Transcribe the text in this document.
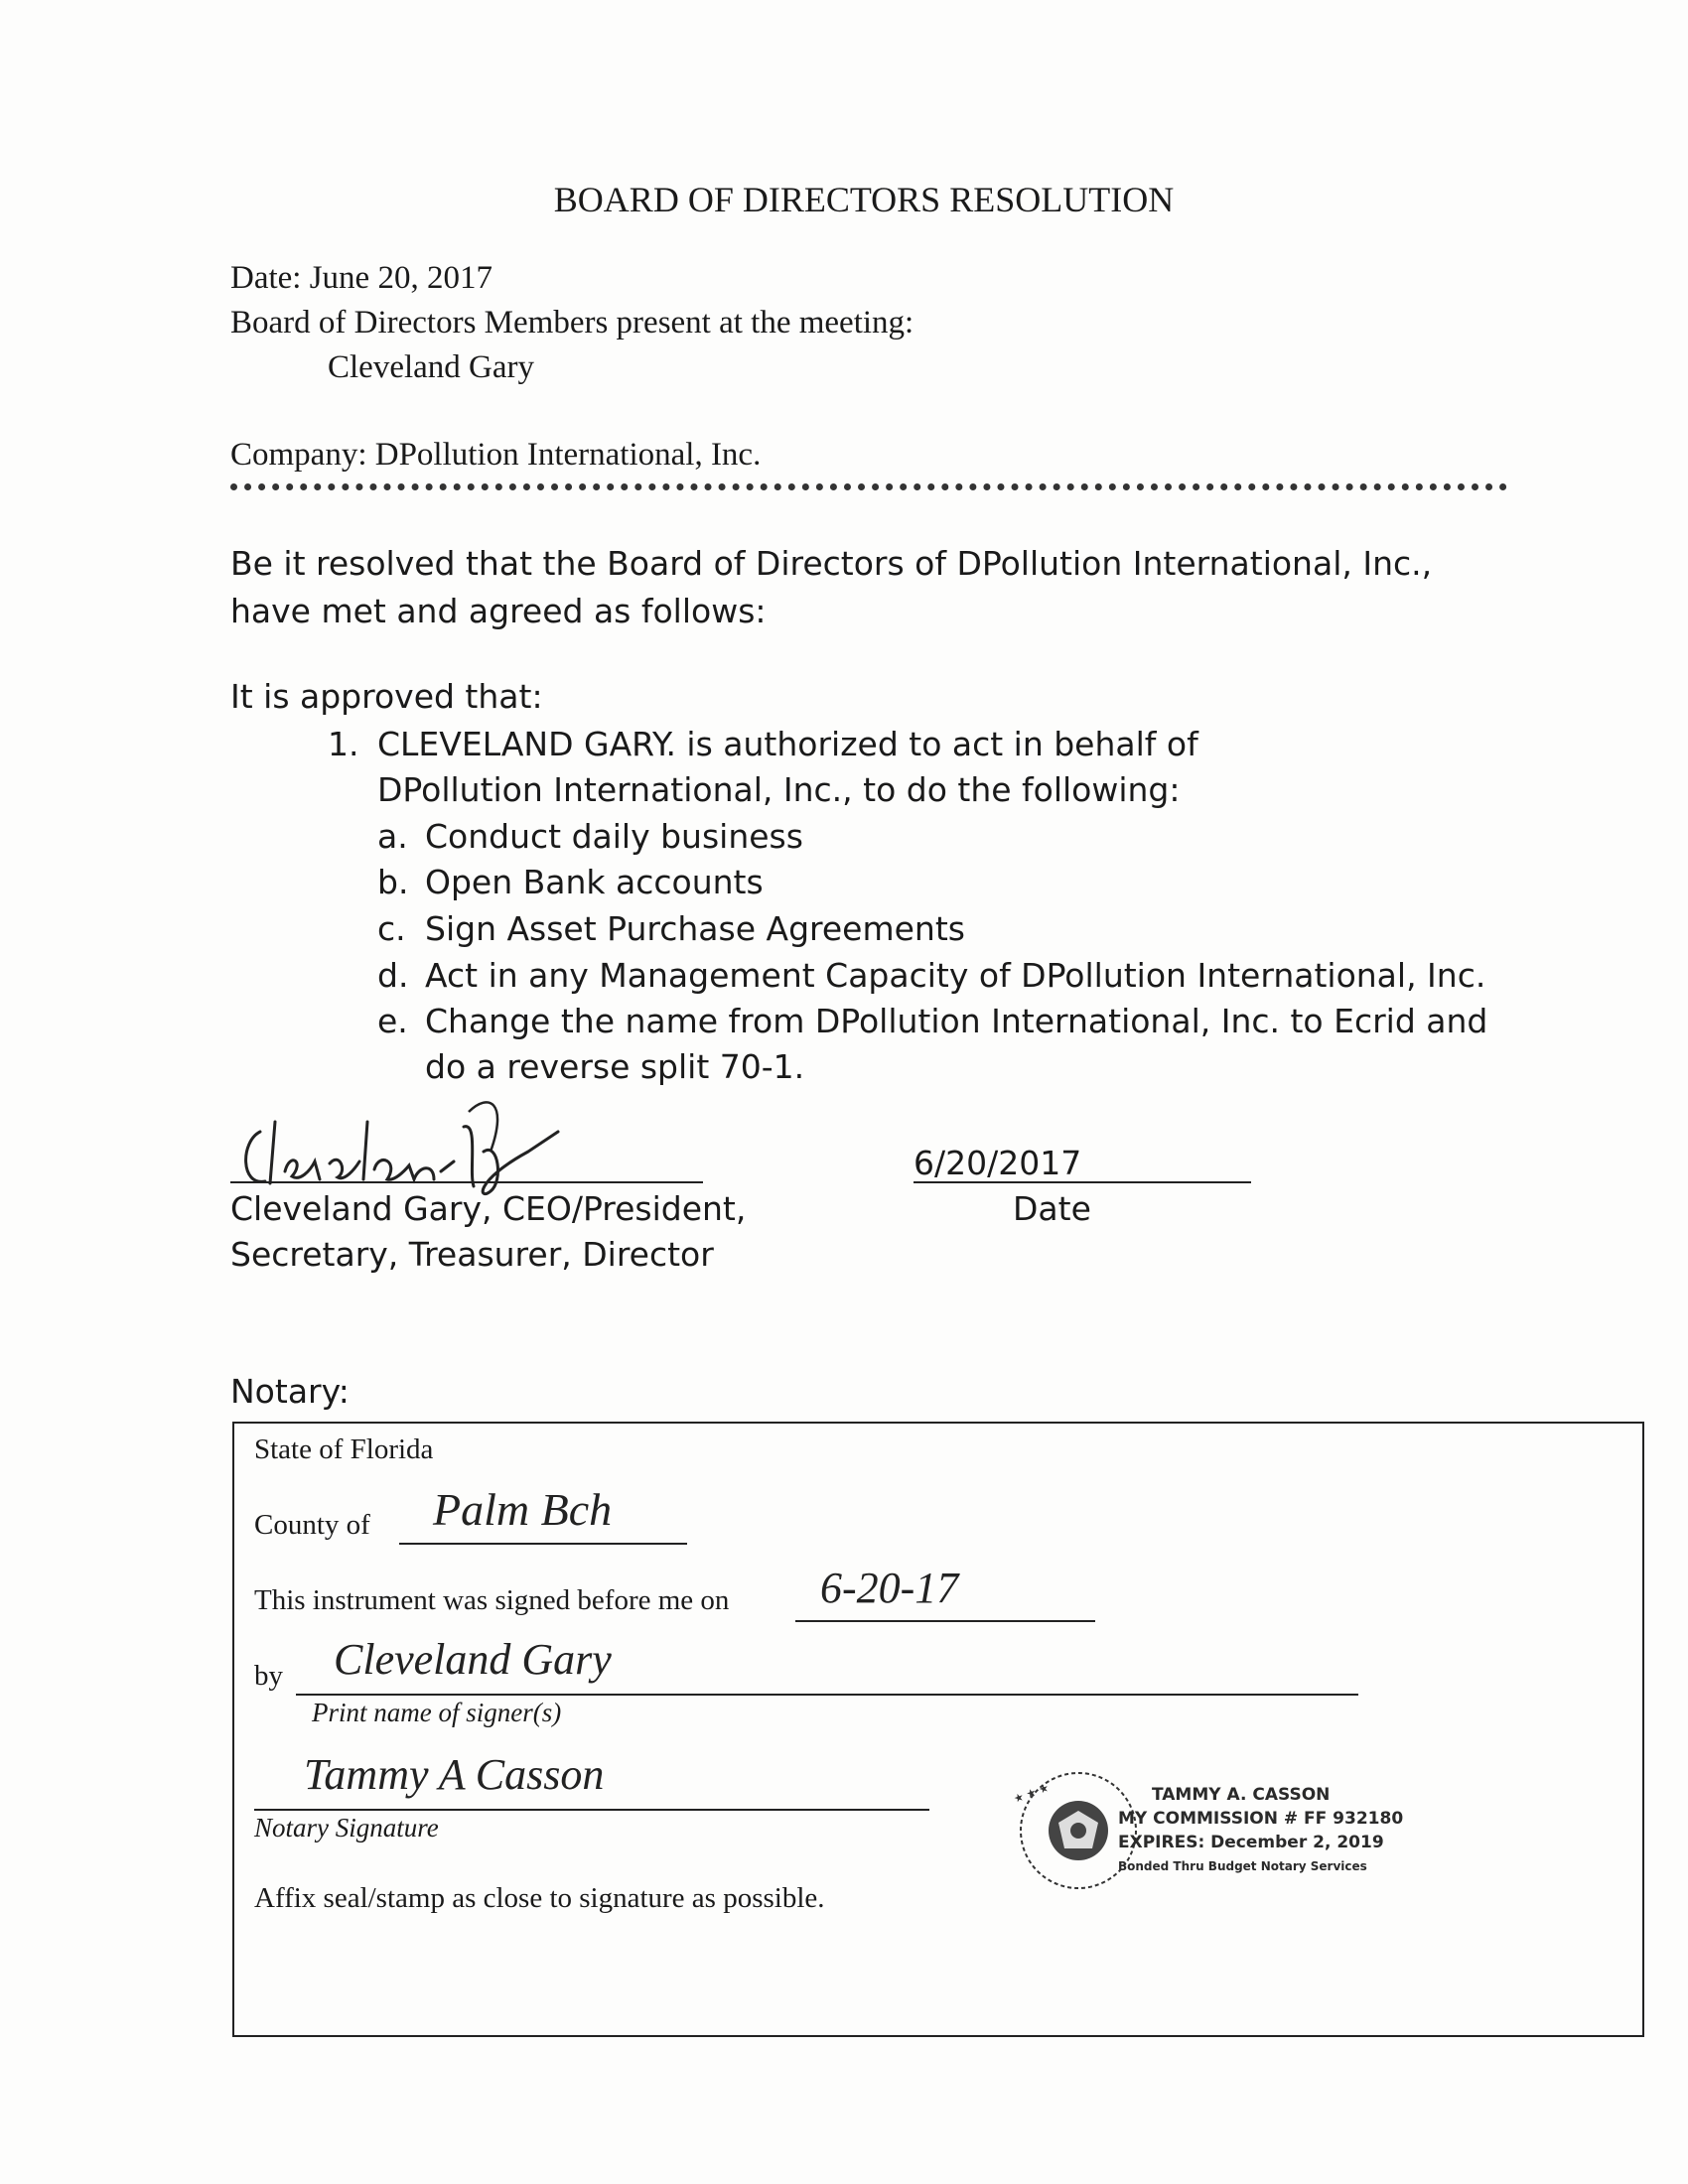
BOARD OF DIRECTORS RESOLUTION
Date: June 20, 2017
Board of Directors Members present at the meeting:
Cleveland Gary
Company: DPollution International, Inc.
Be it resolved that the Board of Directors of DPollution International, Inc., have met and agreed as follows:
It is approved that:
1. CLEVELAND GARY. is authorized to act in behalf of DPollution International, Inc., to do the following:
a. Conduct daily business
b. Open Bank accounts
c. Sign Asset Purchase Agreements
d. Act in any Management Capacity of DPollution International, Inc.
e. Change the name from DPollution International, Inc. to Ecrid and do a reverse split 70-1.
Cleveland Gary, CEO/President,
Secretary, Treasurer, Director
6/20/2017
Date
Notary:
State of Florida
County of Palm Bch
This instrument was signed before me on 6-20-17
by Cleveland Gary
Print name of signer(s)
Tammy A Casson
Notary Signature
Affix seal/stamp as close to signature as possible.
★ ★ ★	TAMMY A. CASSON
MY COMMISSION # FF 932180
EXPIRES: December 2, 2019
Bonded Thru Budget Notary Services
